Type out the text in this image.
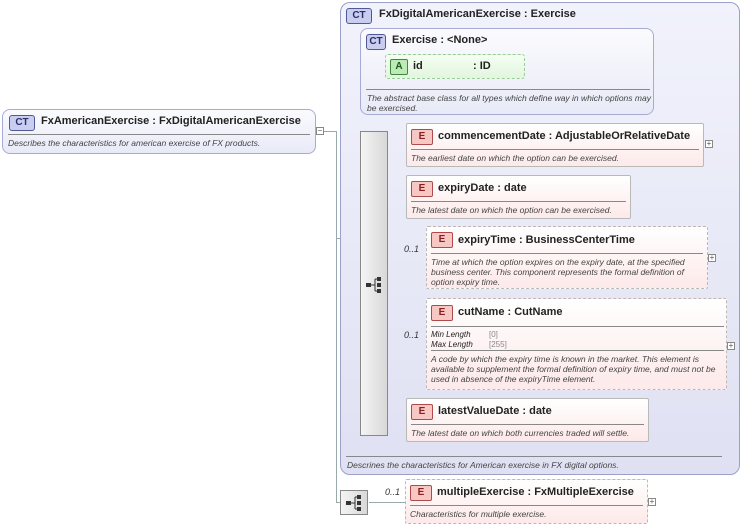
CT	FxAmericanExercise : FxDigitalAmericanExercise
Describes the characteristics for american exercise of FX products.
−
CT	FxDigitalAmericanExercise : Exercise
Descrines the characteristics for American exercise in FX digital options.
CT Exercise : <None>
A id	: ID
The abstract base class for all types which define way in which options may be exercised.
E	commencementDate : AdjustableOrRelativeDate
The earliest date on which the option can be exercised.
+
E	expiryDate : date
The latest date on which the option can be exercised.
0..1
E	expiryTime : BusinessCenterTime
Time at which the option expires on the expiry date, at the specified business center. This component represents the formal definition of option expiry time.
+
0..1
E	cutName : CutName
Min Length [0]
Max Length [255]
A code by which the expiry time is known in the market. This element is available to supplement the formal definition of expiry time, and must not be used in absence of the expiryTime element.
+
E	latestValueDate : date
The latest date on which both currencies traded will settle.
0..1	E	multipleExercise : FxMultipleExercise
Characteristics for multiple exercise.
+
